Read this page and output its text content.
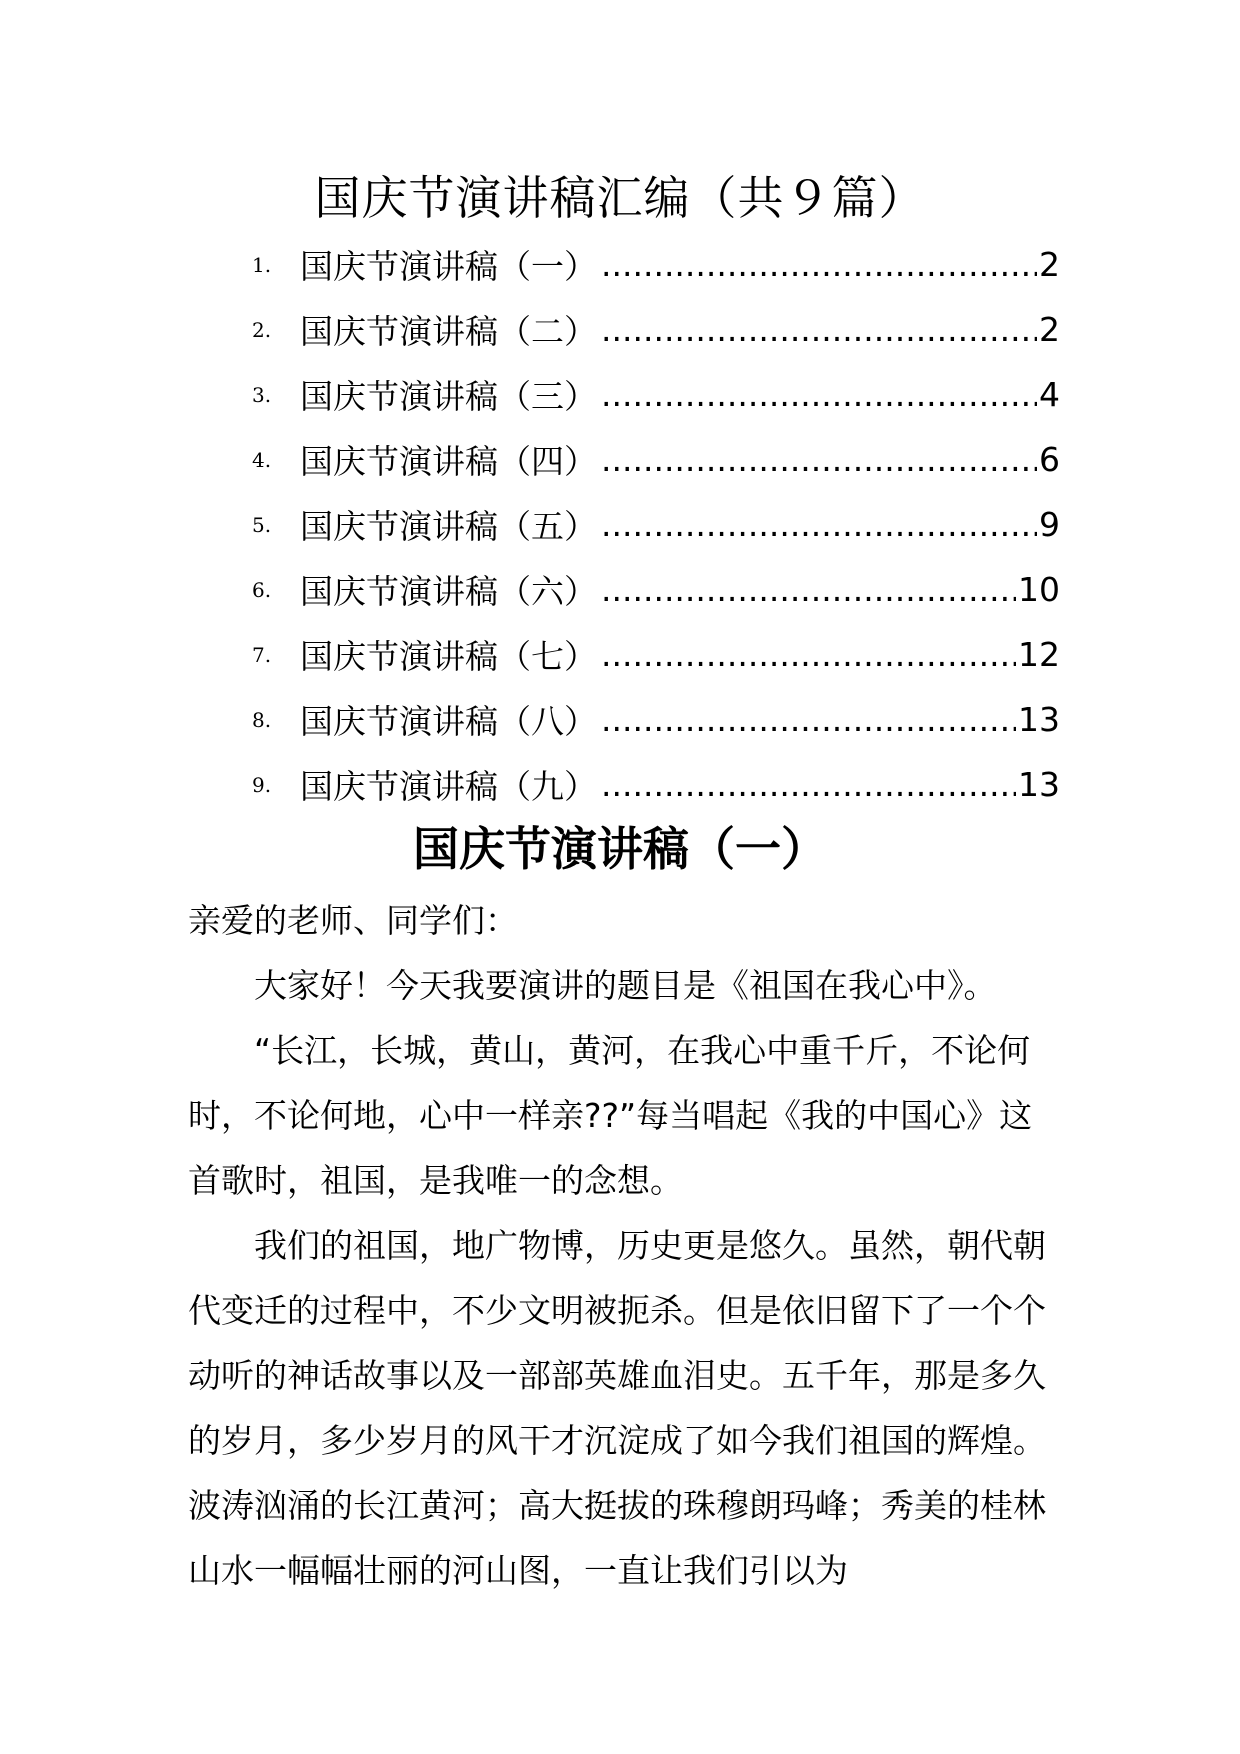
国庆节演讲稿汇编（共９篇）
1. 国庆节演讲稿（一） .....	2
2. 国庆节演讲稿（二） .....	2
3. 国庆节演讲稿（三） .....	4
4. 国庆节演讲稿（四） .....	6
5. 国庆节演讲稿（五） .....	9
6. 国庆节演讲稿（六） .....	10
7. 国庆节演讲稿（七） .....	12
8. 国庆节演讲稿（八） .....	13
9. 国庆节演讲稿（九） .....	13
国庆节演讲稿（一）

亲爱的老师、同学们：

大家好！今天我要演讲的题目是《祖国在我心中》。

“长江，长城，黄山，黄河，在我心中重千斤，不论何时，不论何地，心中一样亲??”每当唱起《我的中国心》这首歌时，祖国，是我唯一的念想。

我们的祖国，地广物博，历史更是悠久。虽然，朝代朝代变迁的过程中，不少文明被扼杀。但是依旧留下了一个个动听的神话故事以及一部部英雄血泪史。五千年，那是多久的岁月，多少岁月的风干才沉淀成了如今我们祖国的辉煌。波涛汹涌的长江黄河；高大挺拔的珠穆朗玛峰；秀美的桂林山水一幅幅壮丽的河山图，一直让我们引以为
